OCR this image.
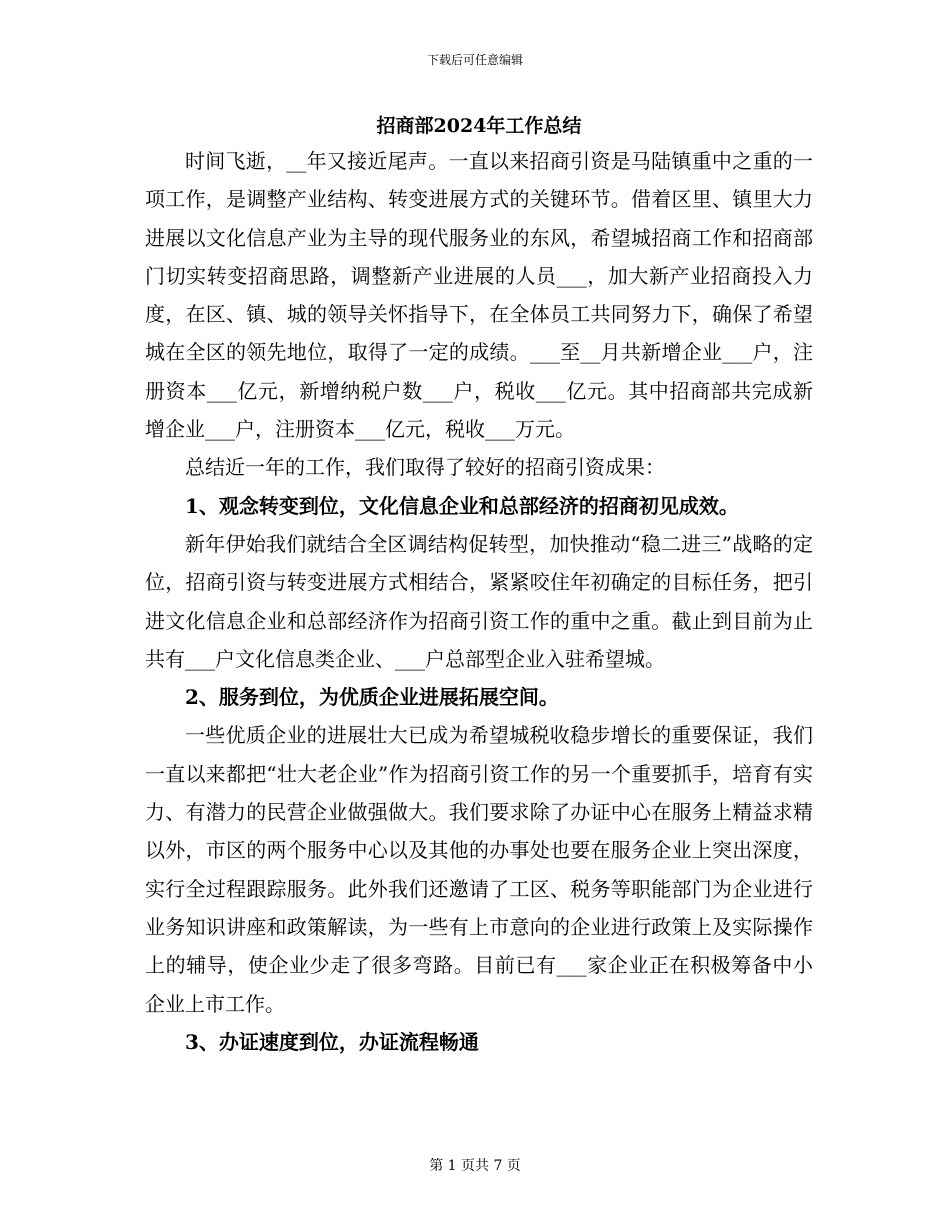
下载后可任意编辑
招商部2024年工作总结

时间飞逝，__年又接近尾声。一直以来招商引资是马陆镇重中之重的一项工作，是调整产业结构、转变进展方式的关键环节。借着区里、镇里大力进展以文化信息产业为主导的现代服务业的东风，希望城招商工作和招商部门切实转变招商思路，调整新产业进展的人员___，加大新产业招商投入力度，在区、镇、城的领导关怀指导下，在全体员工共同努力下，确保了希望城在全区的领先地位，取得了一定的成绩。___至__月共新增企业___户，注册资本___亿元，新增纳税户数___户，税收___亿元。其中招商部共完成新增企业___户，注册资本___亿元，税收___万元。

总结近一年的工作，我们取得了较好的招商引资成果：

1、观念转变到位，文化信息企业和总部经济的招商初见成效。

新年伊始我们就结合全区调结构促转型，加快推动“稳二进三”战略的定位，招商引资与转变进展方式相结合，紧紧咬住年初确定的目标任务，把引进文化信息企业和总部经济作为招商引资工作的重中之重。截止到目前为止共有___户文化信息类企业、___户总部型企业入驻希望城。

2、服务到位，为优质企业进展拓展空间。

一些优质企业的进展壮大已成为希望城税收稳步增长的重要保证，我们一直以来都把“壮大老企业”作为招商引资工作的另一个重要抓手，培育有实力、有潜力的民营企业做强做大。我们要求除了办证中心在服务上精益求精以外，市区的两个服务中心以及其他的办事处也要在服务企业上突出深度，实行全过程跟踪服务。此外我们还邀请了工区、税务等职能部门为企业进行业务知识讲座和政策解读，为一些有上市意向的企业进行政策上及实际操作上的辅导，使企业少走了很多弯路。目前已有___家企业正在积极筹备中小企业上市工作。

3、办证速度到位，办证流程畅通

第 1 页共 7 页
